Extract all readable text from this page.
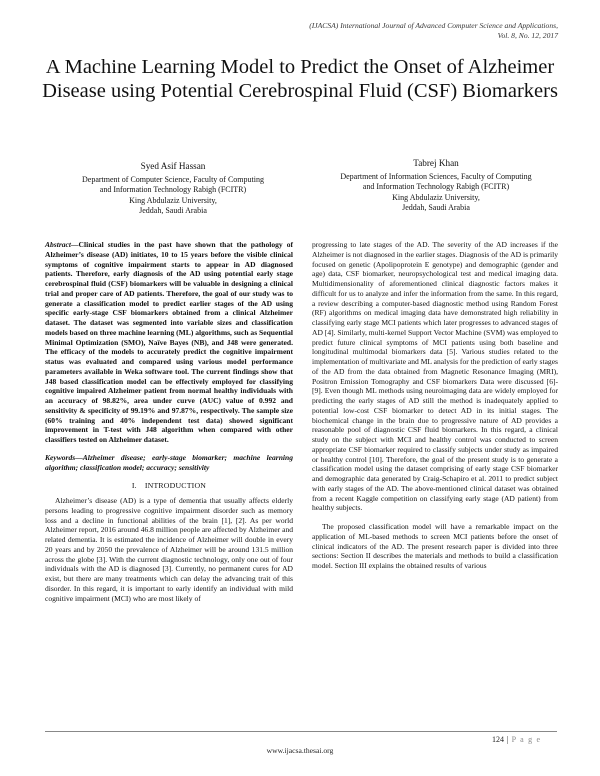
(IJACSA) International Journal of Advanced Computer Science and Applications,
Vol. 8, No. 12, 2017
A Machine Learning Model to Predict the Onset of Alzheimer Disease using Potential Cerebrospinal Fluid (CSF) Biomarkers
Syed Asif Hassan
Department of Computer Science, Faculty of Computing
and Information Technology Rabigh (FCITR)
King Abdulaziz University,
Jeddah, Saudi Arabia
Tabrej Khan
Department of Information Sciences, Faculty of Computing
and Information Technology Rabigh (FCITR)
King Abdulaziz University,
Jeddah, Saudi Arabia

Abstract—Clinical studies in the past have shown that the pathology of Alzheimer’s disease (AD) initiates, 10 to 15 years before the visible clinical symptoms of cognitive impairment starts to appear in AD diagnosed patients. Therefore, early diagnosis of the AD using potential early stage cerebrospinal fluid (CSF) biomarkers will be valuable in designing a clinical trial and proper care of AD patients. Therefore, the goal of our study was to generate a classification model to predict earlier stages of the AD using specific early-stage CSF biomarkers obtained from a clinical Alzheimer dataset. The dataset was segmented into variable sizes and classification models based on three machine learning (ML) algorithms, such as Sequential Minimal Optimization (SMO), Naïve Bayes (NB), and J48 were generated. The efficacy of the models to accurately predict the cognitive impairment status was evaluated and compared using various model performance parameters available in Weka software tool. The current findings show that J48 based classification model can be effectively employed for classifying cognitive impaired Alzheimer patient from normal healthy individuals with an accuracy of 98.82%, area under curve (AUC) value of 0.992 and sensitivity & specificity of 99.19% and 97.87%, respectively. The sample size (60% training and 40% independent test data) showed significant improvement in T-test with J48 algorithm when compared with other classifiers tested on Alzheimer dataset.

Keywords—Alzheimer disease; early-stage biomarker; machine learning algorithm; classification model; accuracy; sensitivity

I. INTRODUCTION

Alzheimer’s disease (AD) is a type of dementia that usually affects elderly persons leading to progressive cognitive impairment disorder such as memory loss and a decline in functional abilities of the brain [1], [2]. As per world Alzheimer report, 2016 around 46.8 million people are affected by Alzheimer and related dementia. It is estimated the incidence of Alzheimer will double in every 20 years and by 2050 the prevalence of Alzheimer will be around 131.5 million across the globe [3]. With the current diagnostic technology, only one out of four individuals with the AD is diagnosed [3]. Currently, no permanent cures for AD exist, but there are many treatments which can delay the advancing trait of this disorder. In this regard, it is important to early identify an individual with mild cognitive impairment (MCI) who are most likely of

progressing to late stages of the AD. The severity of the AD increases if the Alzheimer is not diagnosed in the earlier stages. Diagnosis of the AD is primarily focused on genetic (Apolipoprotein E genotype) and demographic (gender and age) data, CSF biomarker, neuropsychological test and medical imaging data. Multidimensionality of aforementioned clinical diagnostic factors makes it difficult for us to analyze and infer the information from the same. In this regard, a review describing a computer-based diagnostic method using Random Forest (RF) algorithms on medical imaging data have demonstrated high reliability in classifying early stage MCI patients which later progresses to advanced stages of AD [4]. Similarly, multi-kernel Support Vector Machine (SVM) was employed to predict future clinical symptoms of MCI patients using both baseline and longitudinal multimodal biomarkers data [5]. Various studies related to the implementation of multivariate and ML analysis for the prediction of early stages of the AD from the data obtained from Magnetic Resonance Imaging (MRI), Positron Emission Tomography and CSF biomarkers Data were discussed [6]-[9]. Even though ML methods using neuroimaging data are widely employed for predicting the early stages of AD still the method is inadequately applied to potential low-cost CSF biomarker to detect AD in its initial stages. The biochemical change in the brain due to progressive nature of AD provides a reasonable pool of diagnostic CSF fluid biomarkers. In this regard, a clinical study on the subject with MCI and healthy control was conducted to screen appropriate CSF biomarker required to classify subjects under study as impaired or healthy control [10]. Therefore, the goal of the present study is to generate a classification model using the dataset comprising of early stage CSF biomarker and demographic data generated by Craig-Schapiro et al. 2011 to predict subject with early stages of the AD. The above-mentioned clinical dataset was obtained from a recent Kaggle competition on classifying early stage (AD patient) from healthy subjects.

The proposed classification model will have a remarkable impact on the application of ML-based methods to screen MCI patients before the onset of clinical indicators of the AD. The present research paper is divided into three sections: Section II describes the materials and methods to build a classification model. Section III explains the obtained results of various

124 | P a g e
www.ijacsa.thesai.org
